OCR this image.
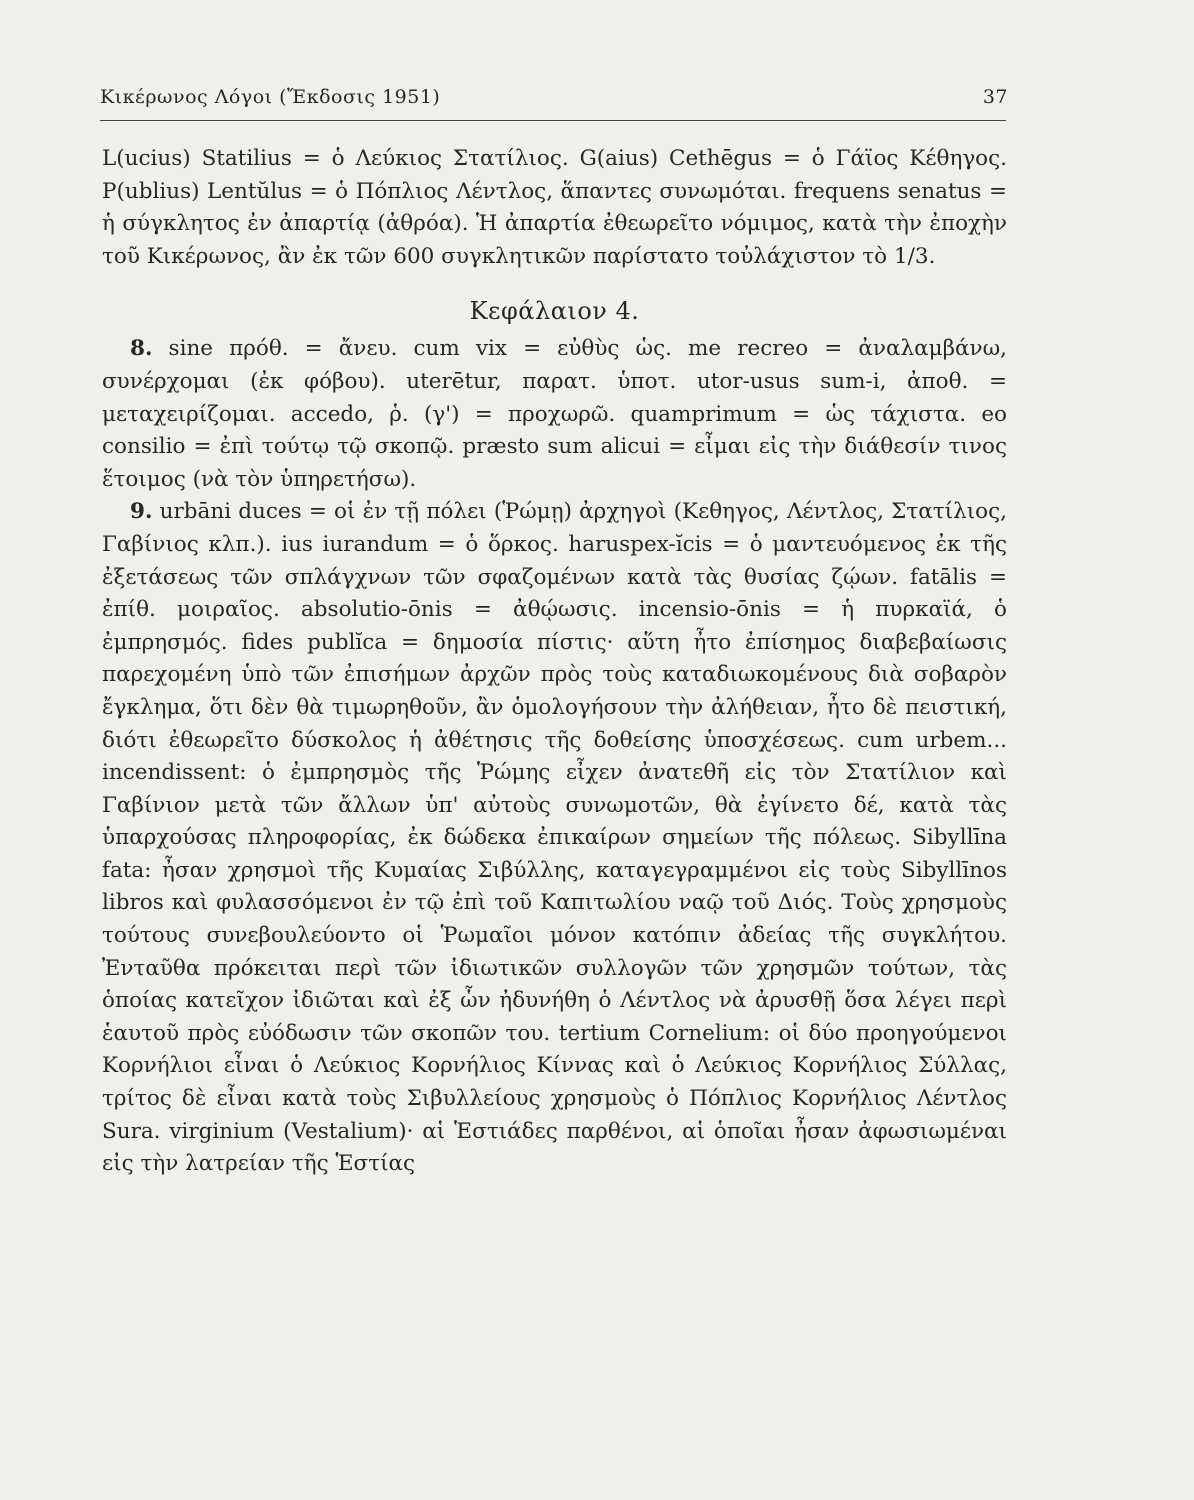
Κικέρωνος Λόγοι (Ἔκδοσις 1951)	37

L(ucius) Statilius = ὁ Λεύκιος Στατίλιος. G(aius) Cethēgus = ὁ Γάϊος Κέθηγος. P(ublius) Lentŭlus = ὁ Πόπλιος Λέντλος, ἅπαντες συνωμόται. frequens senatus = ἡ σύγκλητος ἐν ἀπαρτίᾳ (ἀθρόα). Ἡ ἀπαρτία ἐθεωρεῖτο νόμιμος, κατὰ τὴν ἐποχὴν τοῦ Κικέρωνος, ἂν ἐκ τῶν 600 συγκλητικῶν παρίστατο τοὐλάχιστον τὸ 1/3.

Κεφάλαιον 4.

8. sine πρόθ. = ἄνευ. cum vix = εὐθὺς ὡς. me recreo = ἀναλαμβάνω, συνέρχομαι (ἐκ φόβου). uterētur, παρατ. ὑποτ. utor-usus sum-i, ἀποθ. = μεταχειρίζομαι. accedo, ῥ. (γ') = προχωρῶ. quamprimum = ὡς τάχιστα. eo consilio = ἐπὶ τούτῳ τῷ σκοπῷ. præsto sum alicui = εἶμαι εἰς τὴν διάθεσίν τινος ἕτοιμος (νὰ τὸν ὑπηρετήσω).

9. urbāni duces = οἱ ἐν τῇ πόλει (Ῥώμῃ) ἀρχηγοὶ (Κεθηγος, Λέντλος, Στατίλιος, Γαβίνιος κλπ.). ius iurandum = ὁ ὅρκος. haruspex-ĭcis = ὁ μαντευόμενος ἐκ τῆς ἐξετάσεως τῶν σπλάγχνων τῶν σφαζομένων κατὰ τὰς θυσίας ζῴων. fatālis = ἐπίθ. μοιραῖος. absolutio-ōnis = ἀθῴωσις. incensio-ōnis = ἡ πυρκαϊά, ὁ ἐμπρησμός. fides publĭca = δημοσία πίστις· αὕτη ἦτο ἐπίσημος διαβεβαίωσις παρεχομένη ὑπὸ τῶν ἐπισήμων ἀρχῶν πρὸς τοὺς καταδιωκομένους διὰ σοβαρὸν ἔγκλημα, ὅτι δὲν θὰ τιμωρηθοῦν, ἂν ὁμολογήσουν τὴν ἀλήθειαν, ἦτο δὲ πειστική, διότι ἐθεωρεῖτο δύσκολος ἡ ἀθέτησις τῆς δοθείσης ὑποσχέσεως. cum urbem... incendissent: ὁ ἐμπρησμὸς τῆς Ῥώμης εἶχεν ἀνατεθῆ εἰς τὸν Στατίλιον καὶ Γαβίνιον μετὰ τῶν ἄλλων ὑπ' αὐτοὺς συνωμοτῶν, θὰ ἐγίνετο δέ, κατὰ τὰς ὑπαρχούσας πληροφορίας, ἐκ δώδεκα ἐπικαίρων σημείων τῆς πόλεως. Sibyllīna fata: ἦσαν χρησμοὶ τῆς Κυμαίας Σιβύλλης, καταγεγραμμένοι εἰς τοὺς Sibyllīnos libros καὶ φυλασσόμενοι ἐν τῷ ἐπὶ τοῦ Καπιτωλίου ναῷ τοῦ Διός. Τοὺς χρησμοὺς τούτους συνεβουλεύοντο οἱ Ῥωμαῖοι μόνον κατόπιν ἀδείας τῆς συγκλήτου. Ἐνταῦθα πρόκειται περὶ τῶν ἰδιωτικῶν συλλογῶν τῶν χρησμῶν τούτων, τὰς ὁποίας κατεῖχον ἰδιῶται καὶ ἐξ ὧν ἠδυνήθη ὁ Λέντλος νὰ ἀρυσθῇ ὅσα λέγει περὶ ἑαυτοῦ πρὸς εὐόδωσιν τῶν σκοπῶν του. tertium Cornelium: οἱ δύο προηγούμενοι Κορνήλιοι εἶναι ὁ Λεύκιος Κορνήλιος Κίννας καὶ ὁ Λεύκιος Κορνήλιος Σύλλας, τρίτος δὲ εἶναι κατὰ τοὺς Σιβυλλείους χρησμοὺς ὁ Πόπλιος Κορνήλιος Λέντλος Sura. virginium (Vestalium)· αἱ Ἑστιάδες παρθένοι, αἱ ὁποῖαι ἦσαν ἀφωσιωμέναι εἰς τὴν λατρείαν τῆς Ἑστίας
